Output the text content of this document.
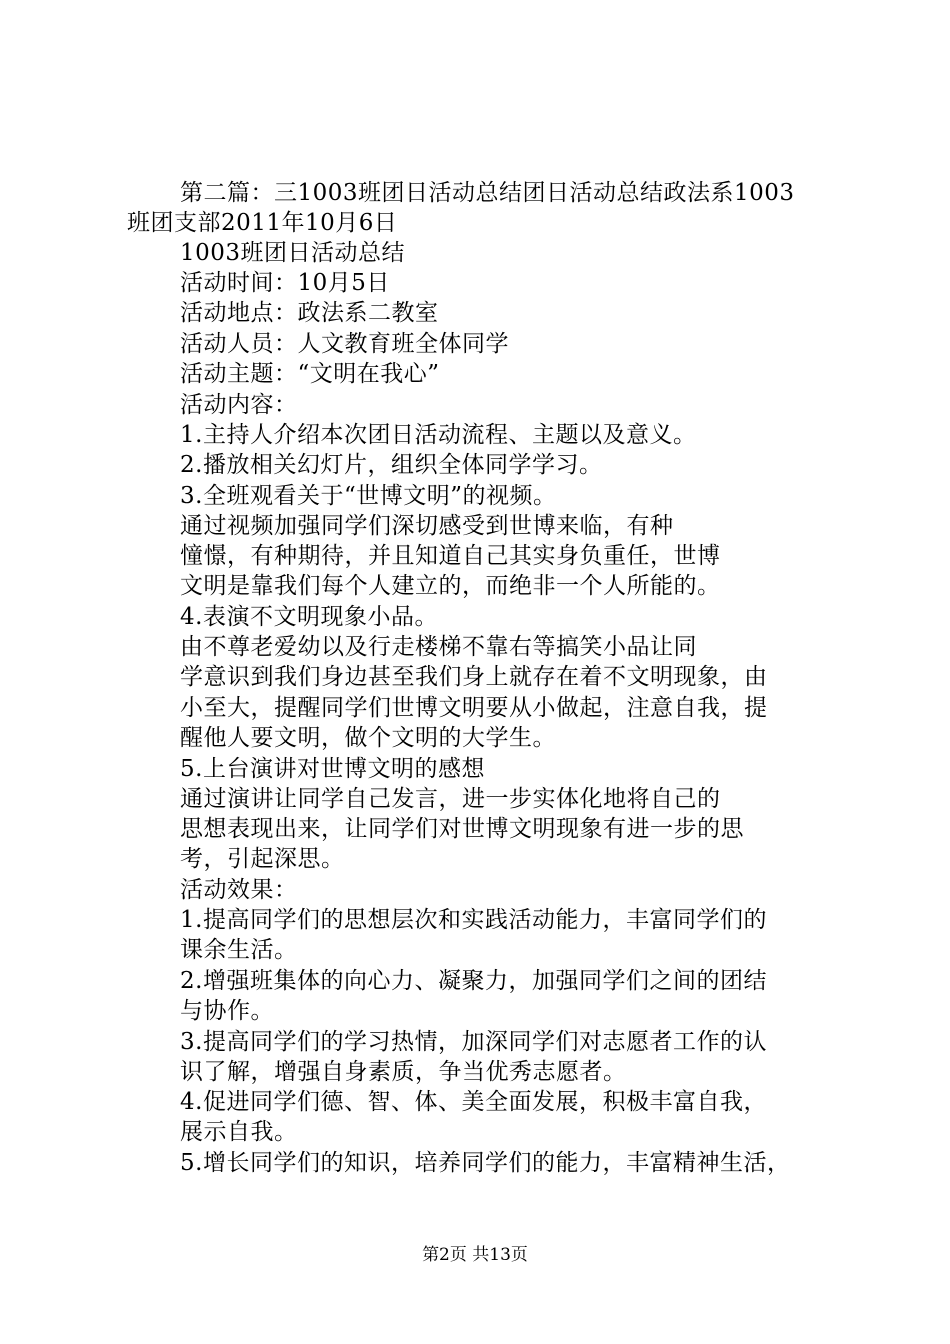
第二篇：三1003班团日活动总结团日活动总结政法系1003
班团支部2011年10月6日
1003班团日活动总结
活动时间：10月5日
活动地点：政法系二教室
活动人员：人文教育班全体同学
活动主题：“文明在我心”
活动内容：
1.主持人介绍本次团日活动流程、主题以及意义。
2.播放相关幻灯片，组织全体同学学习。
3.全班观看关于“世博文明”的视频。
通过视频加强同学们深切感受到世博来临，有种
憧憬，有种期待，并且知道自己其实身负重任，世博
文明是靠我们每个人建立的，而绝非一个人所能的。
4.表演不文明现象小品。
由不尊老爱幼以及行走楼梯不靠右等搞笑小品让同
学意识到我们身边甚至我们身上就存在着不文明现象，由
小至大，提醒同学们世博文明要从小做起，注意自我，提
醒他人要文明，做个文明的大学生。
5.上台演讲对世博文明的感想
通过演讲让同学自己发言，进一步实体化地将自己的
思想表现出来，让同学们对世博文明现象有进一步的思
考，引起深思。
活动效果：
1.提高同学们的思想层次和实践活动能力，丰富同学们的
课余生活。
2.增强班集体的向心力、凝聚力，加强同学们之间的团结
与协作。
3.提高同学们的学习热情，加深同学们对志愿者工作的认
识了解，增强自身素质，争当优秀志愿者。
4.促进同学们德、智、体、美全面发展，积极丰富自我，
展示自我。
5.增长同学们的知识，培养同学们的能力，丰富精神生活，
第2页 共13页
